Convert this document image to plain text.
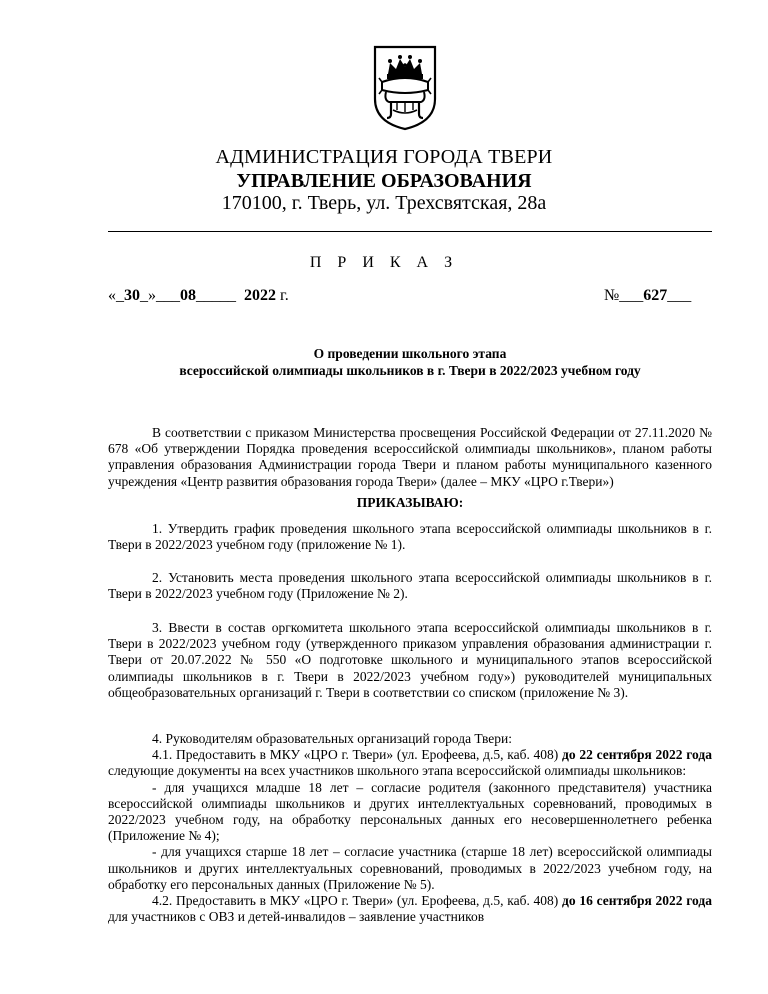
АДМИНИСТРАЦИЯ ГОРОДА ТВЕРИ
УПРАВЛЕНИЕ ОБРАЗОВАНИЯ
170100, г. Тверь, ул. Трехсвятская, 28а
П Р И К А З
«_30_»___08_____  2022 г.	№___627___
О проведении школьного этапа
всероссийской олимпиады школьников в г. Твери в 2022/2023 учебном году

В соответствии с приказом Министерства просвещения Российской Федерации от 27.11.2020 № 678 «Об утверждении Порядка проведения всероссийской олимпиады школьников», планом работы управления образования Администрации города Твери и планом работы муниципального казенного учреждения «Центр развития образования города Твери» (далее – МКУ «ЦРО г.Твери»)

ПРИКАЗЫВАЮ:

1. Утвердить график проведения школьного этапа всероссийской олимпиады школьников в г. Твери в 2022/2023 учебном году (приложение № 1).

2. Установить места проведения школьного этапа всероссийской олимпиады школьников в г. Твери в 2022/2023 учебном году (Приложение № 2).

3. Ввести в состав оргкомитета школьного этапа всероссийской олимпиады школьников в г. Твери в 2022/2023 учебном году (утвержденного приказом управления образования администрации г. Твери от 20.07.2022 № 550 «О подготовке школьного и муниципального этапов всероссийской олимпиады школьников в г. Твери в 2022/2023 учебном году») руководителей муниципальных общеобразовательных организаций г. Твери в соответствии со списком (приложение № 3).

4. Руководителям образовательных организаций города Твери:

4.1. Предоставить в МКУ «ЦРО г. Твери» (ул. Ерофеева, д.5, каб. 408) до 22 сентября 2022 года следующие документы на всех участников школьного этапа всероссийской олимпиады школьников:

- для учащихся младше 18 лет – согласие родителя (законного представителя) участника всероссийской олимпиады школьников и других интеллектуальных соревнований, проводимых в 2022/2023 учебном году, на обработку персональных данных его несовершеннолетнего ребенка (Приложение № 4);

- для учащихся старше 18 лет – согласие участника (старше 18 лет) всероссийской олимпиады школьников и других интеллектуальных соревнований, проводимых в 2022/2023 учебном году, на обработку его персональных данных (Приложение № 5).

4.2. Предоставить в МКУ «ЦРО г. Твери» (ул. Ерофеева, д.5, каб. 408) до 16 сентября 2022 года для участников с ОВЗ и детей-инвалидов – заявление участников
